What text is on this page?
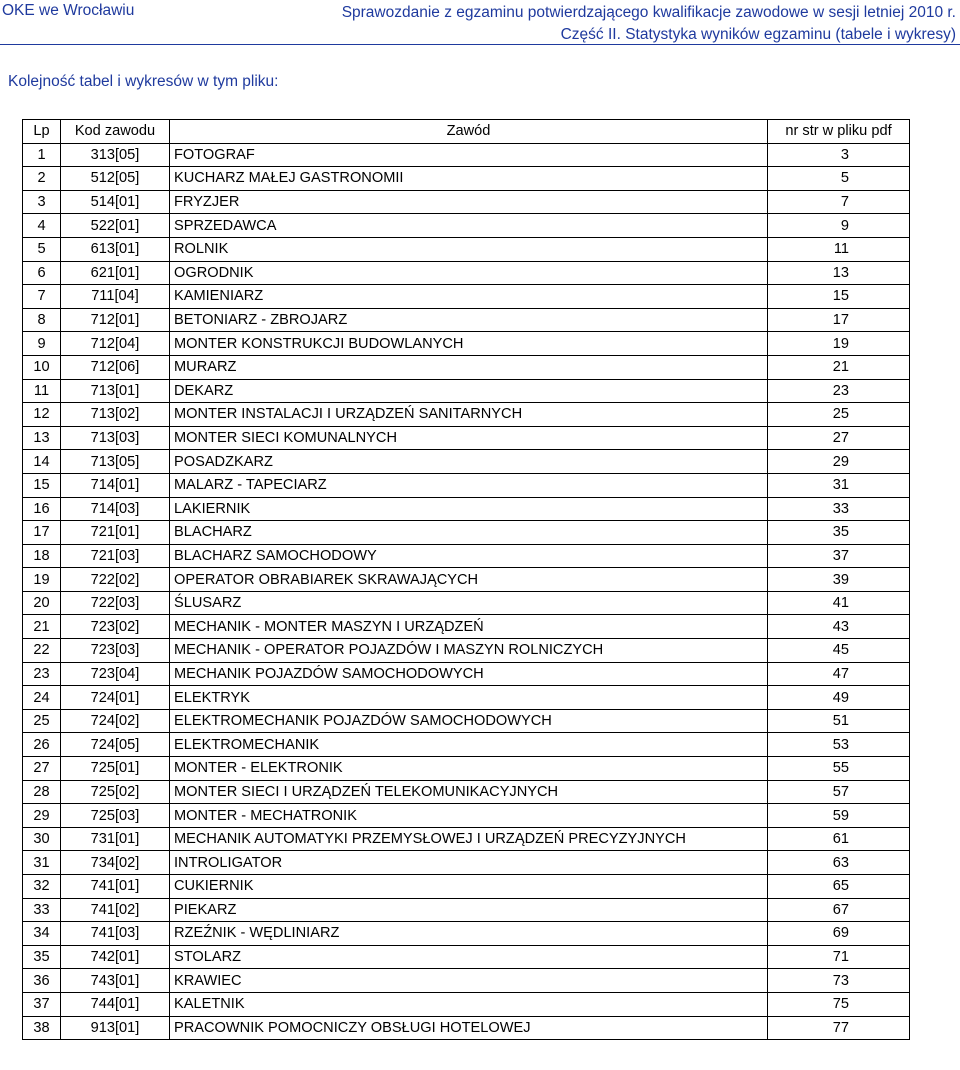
OKE we Wrocławiu	Sprawozdanie z egzaminu potwierdzającego kwalifikacje zawodowe w sesji letniej 2010 r.
Część II. Statystyka wyników egzaminu (tabele i wykresy)
Kolejność tabel i wykresów w tym pliku:
Lp	Kod zawodu	Zawód	nr str w pliku pdf
1	313[05]	FOTOGRAF	3
2	512[05]	KUCHARZ MAŁEJ GASTRONOMII	5
3	514[01]	FRYZJER	7
4	522[01]	SPRZEDAWCA	9
5	613[01]	ROLNIK	11
6	621[01]	OGRODNIK	13
7	711[04]	KAMIENIARZ	15
8	712[01]	BETONIARZ - ZBROJARZ	17
9	712[04]	MONTER KONSTRUKCJI BUDOWLANYCH	19
10	712[06]	MURARZ	21
11	713[01]	DEKARZ	23
12	713[02]	MONTER INSTALACJI I URZĄDZEŃ SANITARNYCH	25
13	713[03]	MONTER SIECI KOMUNALNYCH	27
14	713[05]	POSADZKARZ	29
15	714[01]	MALARZ - TAPECIARZ	31
16	714[03]	LAKIERNIK	33
17	721[01]	BLACHARZ	35
18	721[03]	BLACHARZ SAMOCHODOWY	37
19	722[02]	OPERATOR OBRABIAREK SKRAWAJĄCYCH	39
20	722[03]	ŚLUSARZ	41
21	723[02]	MECHANIK - MONTER MASZYN I URZĄDZEŃ	43
22	723[03]	MECHANIK - OPERATOR POJAZDÓW I MASZYN ROLNICZYCH	45
23	723[04]	MECHANIK POJAZDÓW SAMOCHODOWYCH	47
24	724[01]	ELEKTRYK	49
25	724[02]	ELEKTROMECHANIK POJAZDÓW SAMOCHODOWYCH	51
26	724[05]	ELEKTROMECHANIK	53
27	725[01]	MONTER - ELEKTRONIK	55
28	725[02]	MONTER SIECI I URZĄDZEŃ TELEKOMUNIKACYJNYCH	57
29	725[03]	MONTER - MECHATRONIK	59
30	731[01]	MECHANIK AUTOMATYKI PRZEMYSŁOWEJ I URZĄDZEŃ PRECYZYJNYCH	61
31	734[02]	INTROLIGATOR	63
32	741[01]	CUKIERNIK	65
33	741[02]	PIEKARZ	67
34	741[03]	RZEŹNIK - WĘDLINIARZ	69
35	742[01]	STOLARZ	71
36	743[01]	KRAWIEC	73
37	744[01]	KALETNIK	75
38	913[01]	PRACOWNIK POMOCNICZY OBSŁUGI HOTELOWEJ	77
